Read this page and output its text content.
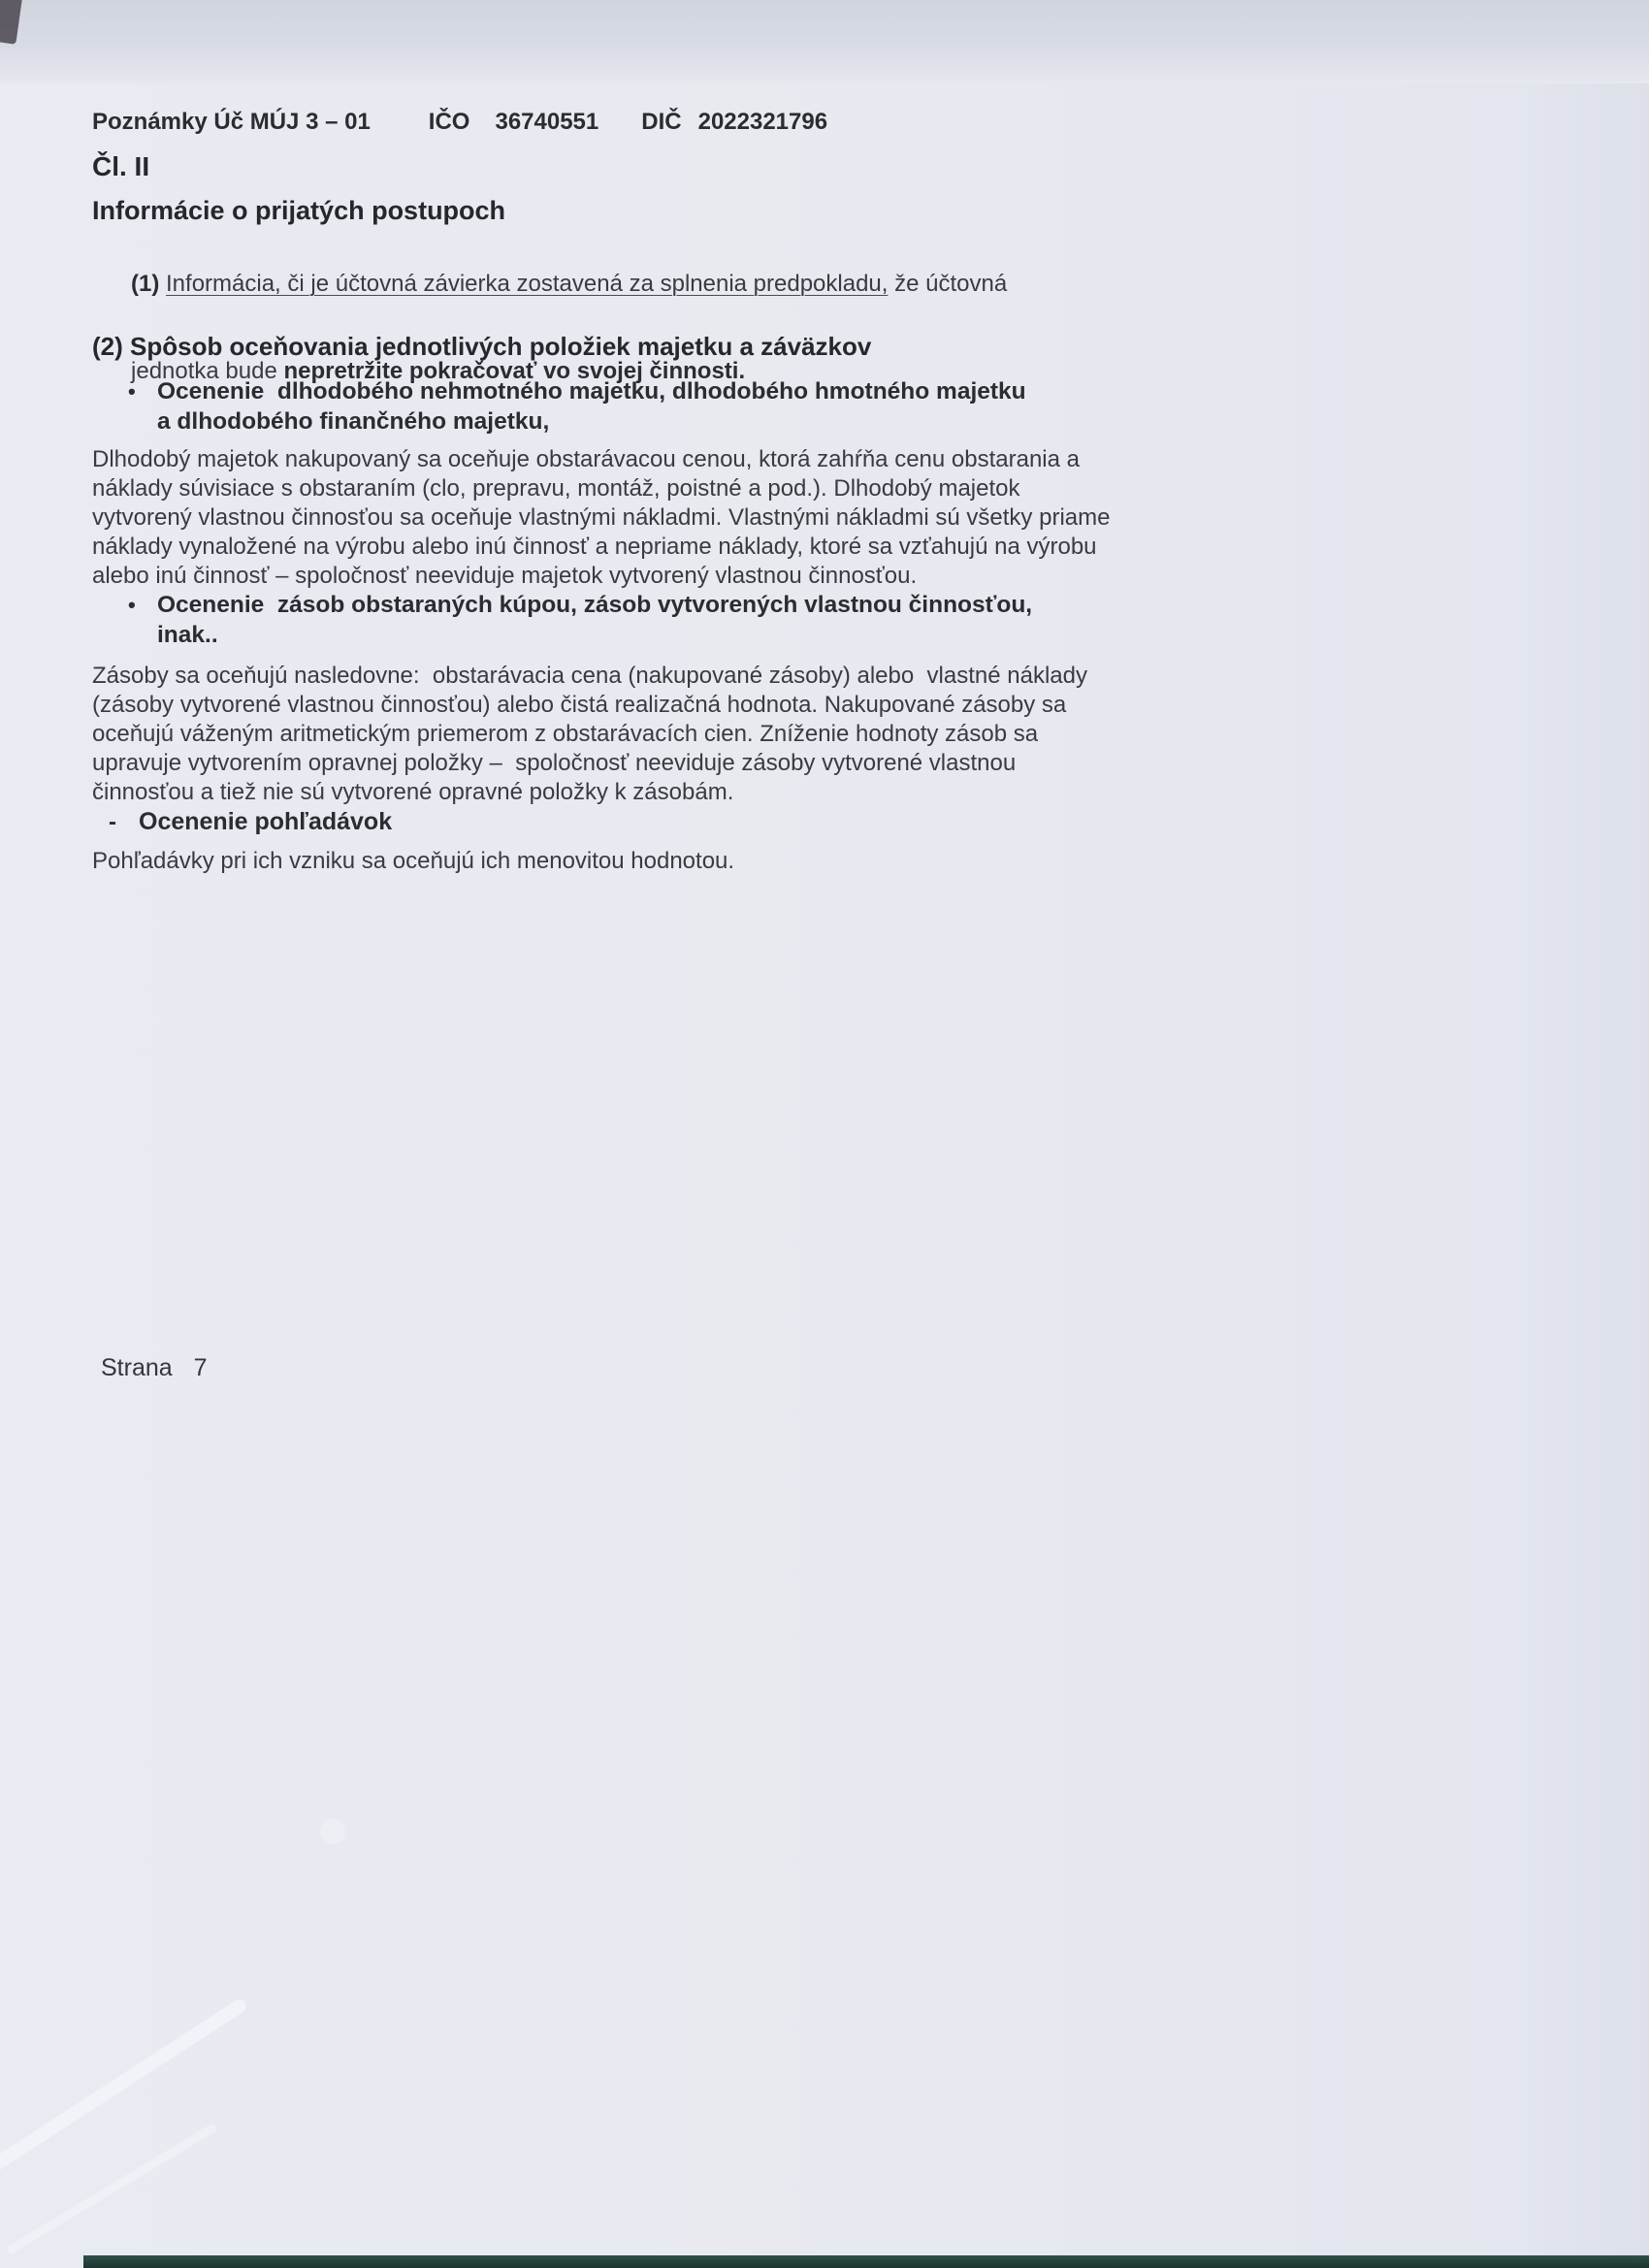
Poznámky Úč MÚJ 3 – 01	IČO 36740551 DIČ 2022321796
Čl. II
Informácie o prijatých postupoch

(1) Informácia, či je účtovná závierka zostavená za splnenia predpokladu, že účtovná

jednotka bude nepretržite pokračovať vo svojej činnosti.

(2) Spôsob oceňovania jednotlivých položiek majetku a záväzkov
• Ocenenie  dlhodobého nehmotného majetku, dlhodobého hmotného majetku
a dlhodobého finančného majetku,
Dlhodobý majetok nakupovaný sa oceňuje obstarávacou cenou, ktorá zahŕňa cenu obstarania a
náklady súvisiace s obstaraním (clo, prepravu, montáž, poistné a pod.). Dlhodobý majetok
vytvorený vlastnou činnosťou sa oceňuje vlastnými nákladmi. Vlastnými nákladmi sú všetky priame
náklady vynaložené na výrobu alebo inú činnosť a nepriame náklady, ktoré sa vzťahujú na výrobu
alebo inú činnosť – spoločnosť neeviduje majetok vytvorený vlastnou činnosťou.
• Ocenenie  zásob obstaraných kúpou, zásob vytvorených vlastnou činnosťou,
inak..
Zásoby sa oceňujú nasledovne:  obstarávacia cena (nakupované zásoby) alebo  vlastné náklady
(zásoby vytvorené vlastnou činnosťou) alebo čistá realizačná hodnota. Nakupované zásoby sa
oceňujú váženým aritmetickým priemerom z obstarávacích cien. Zníženie hodnoty zásob sa
upravuje vytvorením opravnej položky –  spoločnosť neeviduje zásoby vytvorené vlastnou
činnosťou a tiež nie sú vytvorené opravné položky k zásobám.
- Ocenenie pohľadávok
Pohľadávky pri ich vzniku sa oceňujú ich menovitou hodnotou.
Strana 7
